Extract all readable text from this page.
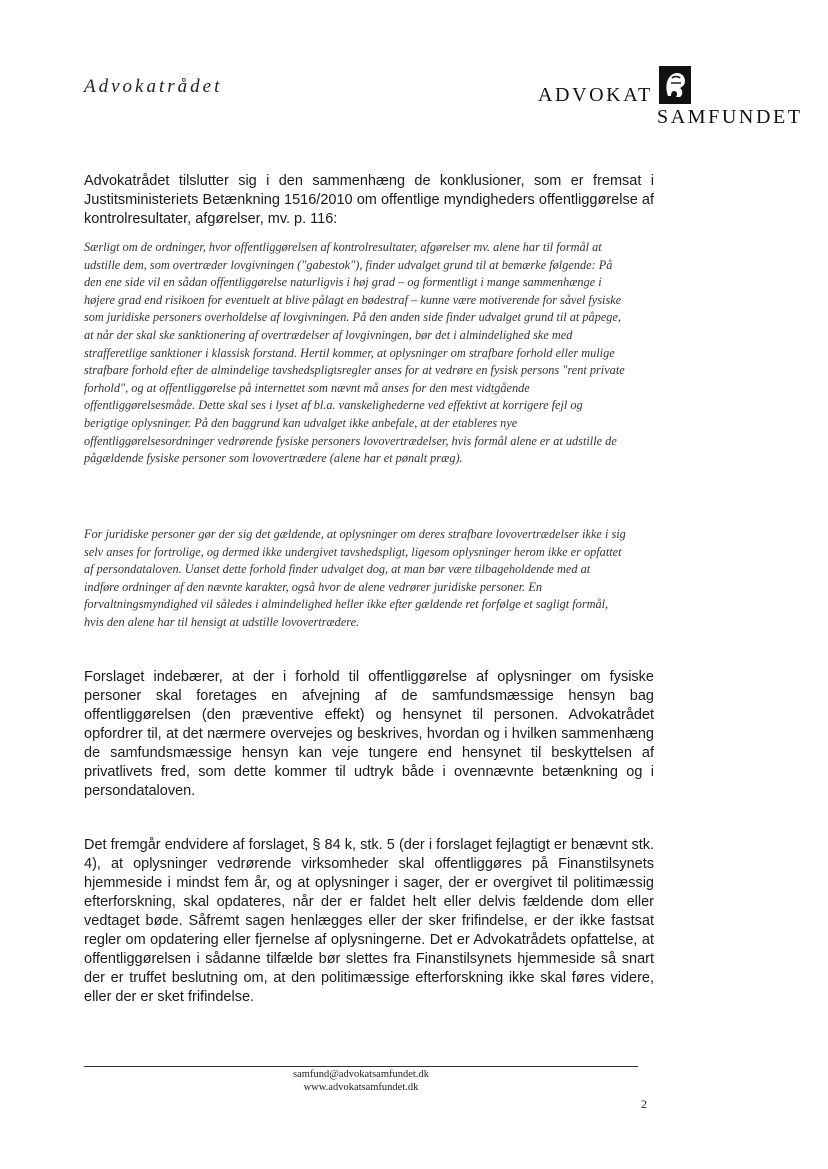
Advokatrådet	ADVOKAT
SAMFUNDET

Advokatrådet tilslutter sig i den sammenhæng de konklusioner, som er fremsat i Justitsministeriets Betænkning 1516/2010 om offentlige myndigheders offentliggørelse af kontrolresultater, afgørelser, mv. p. 116:

Særligt om de ordninger, hvor offentliggørelsen af kontrolresultater, afgørelser mv. alene har til formål at udstille dem, som overtræder lovgivningen ("gabestok"), finder udvalget grund til at bemærke følgende: På den ene side vil en sådan offentliggørelse naturligvis i høj grad – og formentligt i mange sammenhænge i højere grad end risikoen for eventuelt at blive pålagt en bødestraf – kunne være motiverende for såvel fysiske som juridiske personers overholdelse af lovgivningen. På den anden side finder udvalget grund til at påpege, at når der skal ske sanktionering af overtrædelser af lovgivningen, bør det i almindelighed ske med strafferetlige sanktioner i klassisk forstand. Hertil kommer, at oplysninger om strafbare forhold eller mulige strafbare forhold efter de almindelige tavshedspligtsregler anses for at vedrøre en fysisk persons "rent private forhold", og at offentliggørelse på internettet som nævnt må anses for den mest vidtgående offentliggørelsesmåde. Dette skal ses i lyset af bl.a. vanskelighederne ved effektivt at korrigere fejl og berigtige oplysninger. På den baggrund kan udvalget ikke anbefale, at der etableres nye offentliggørelsesordninger vedrørende fysiske personers lovovertrædelser, hvis formål alene er at udstille de pågældende fysiske personer som lovovertrædere (alene har et pønalt præg).

For juridiske personer gør der sig det gældende, at oplysninger om deres strafbare lovovertrædelser ikke i sig selv anses for fortrolige, og dermed ikke undergivet tavshedspligt, ligesom oplysninger herom ikke er opfattet af persondataloven. Uanset dette forhold finder udvalget dog, at man bør være tilbageholdende med at indføre ordninger af den nævnte karakter, også hvor de alene vedrører juridiske personer. En forvaltningsmyndighed vil således i almindelighed heller ikke efter gældende ret forfølge et sagligt formål, hvis den alene har til hensigt at udstille lovovertrædere.

Forslaget indebærer, at der i forhold til offentliggørelse af oplysninger om fysiske personer skal foretages en afvejning af de samfundsmæssige hensyn bag offentliggørelsen (den præventive effekt) og hensynet til personen. Advokatrådet opfordrer til, at det nærmere overvejes og beskrives, hvordan og i hvilken sammenhæng de samfundsmæssige hensyn kan veje tungere end hensynet til beskyttelsen af privatlivets fred, som dette kommer til udtryk både i ovennævnte betænkning og i persondataloven.

Det fremgår endvidere af forslaget, § 84 k, stk. 5 (der i forslaget fejlagtigt er benævnt stk. 4), at oplysninger vedrørende virksomheder skal offentliggøres på Finanstilsynets hjemmeside i mindst fem år, og at oplysninger i sager, der er overgivet til politimæssig efterforskning, skal opdateres, når der er faldet helt eller delvis fældende dom eller vedtaget bøde. Såfremt sagen henlægges eller der sker frifindelse, er der ikke fastsat regler om opdatering eller fjernelse af oplysningerne. Det er Advokatrådets opfattelse, at offentliggørelsen i sådanne tilfælde bør slettes fra Finanstilsynets hjemmeside så snart der er truffet beslutning om, at den politimæssige efterforskning ikke skal føres videre, eller der er sket frifindelse.

samfund@advokatsamfundet.dk
www.advokatsamfundet.dk
2
